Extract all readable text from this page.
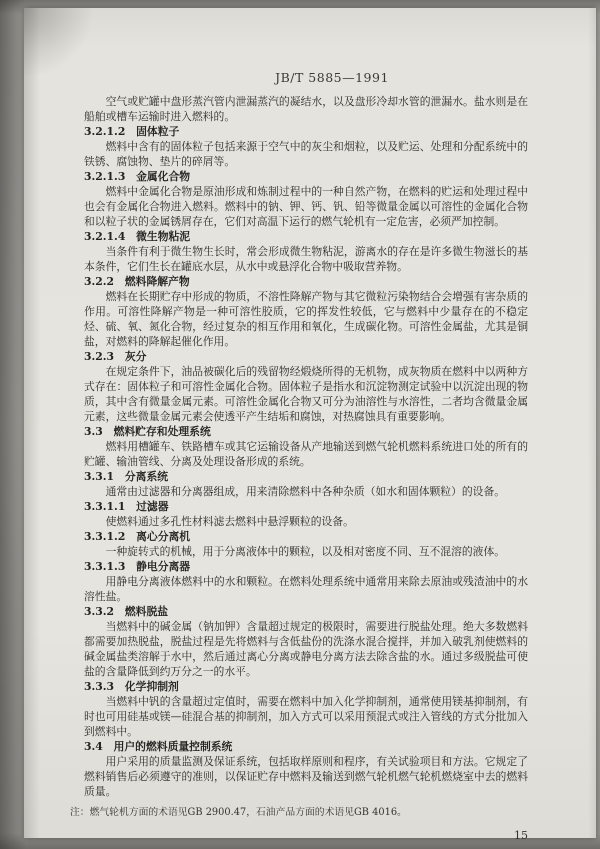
JB/T 5885—1991
空气或贮罐中盘形蒸汽管内泄漏蒸汽的凝结水，以及盘形冷却水管的泄漏水。盐水则是在船舶或槽车运输时进入燃料的。
3.2.1.2　固体粒子
燃料中含有的固体粒子包括来源于空气中的灰尘和烟粒，以及贮运、处理和分配系统中的铁锈、腐蚀物、垫片的碎屑等。
3.2.1.3　金属化合物
燃料中金属化合物是原油形成和炼制过程中的一种自然产物，在燃料的贮运和处理过程中也会有金属化合物进入燃料。燃料中的钠、钾、钙、钒、铅等微量金属以可溶性的金属化合物和以粒子状的金属锈屑存在，它们对高温下运行的燃气轮机有一定危害，必须严加控制。
3.2.1.4　微生物粘泥
当条件有利于微生物生长时，常会形成微生物粘泥，游离水的存在是许多微生物滋长的基本条件，它们生长在罐底水层，从水中或悬浮化合物中吸取营养物。
3.2.2　燃料降解产物
燃料在长期贮存中形成的物质，不溶性降解产物与其它微粒污染物结合会增强有害杂质的作用。可溶性降解产物是一种可溶性胶质，它的挥发性较低，它与燃料中少量存在的不稳定烃、硫、氧、氮化合物，经过复杂的相互作用和氧化，生成碳化物。可溶性金属盐，尤其是铜盐，对燃料的降解起催化作用。
3.2.3　灰分
在规定条件下，油品被碳化后的残留物经煅烧所得的无机物，成灰物质在燃料中以两种方式存在：固体粒子和可溶性金属化合物。固体粒子是指水和沉淀物测定试验中以沉淀出现的物质，其中含有微量金属元素。可溶性金属化合物又可分为油溶性与水溶性，二者均含微量金属元素，这些微量金属元素会使透平产生结垢和腐蚀，对热腐蚀具有重要影响。
3.3　燃料贮存和处理系统
燃料用槽罐车、铁路槽车或其它运输设备从产地输送到燃气轮机燃料系统进口处的所有的贮罐、输油管线、分离及处理设备形成的系统。
3.3.1　分离系统
通常由过滤器和分离器组成，用来清除燃料中各种杂质（如水和固体颗粒）的设备。
3.3.1.1　过滤器
使燃料通过多孔性材料滤去燃料中悬浮颗粒的设备。
3.3.1.2　离心分离机
一种旋转式的机械，用于分离液体中的颗粒，以及相对密度不同、互不混溶的液体。
3.3.1.3　静电分离器
用静电分离液体燃料中的水和颗粒。在燃料处理系统中通常用来除去原油或残渣油中的水溶性盐。
3.3.2　燃料脱盐
当燃料中的碱金属（钠加钾）含量超过规定的极限时，需要进行脱盐处理。绝大多数燃料都需要加热脱盐，脱盐过程是先将燃料与含低盐份的洗涤水混合搅拌，并加入破乳剂使燃料的碱金属盐类溶解于水中，然后通过离心分离或静电分离方法去除含盐的水。通过多级脱盐可使盐的含量降低到约万分之一的水平。
3.3.3　化学抑制剂
当燃料中钒的含量超过定值时，需要在燃料中加入化学抑制剂，通常使用镁基抑制剂，有时也可用硅基或镁—硅混合基的抑制剂，加入方式可以采用预混式或注入管线的方式分批加入到燃料中。
3.4　用户的燃料质量控制系统
用户采用的质量监测及保证系统，包括取样原则和程序，有关试验项目和方法。它规定了燃料销售后必须遵守的准则，以保证贮存中燃料及输送到燃气轮机燃气轮机燃烧室中去的燃料质量。
注：燃气轮机方面的术语见GB 2900.47，石油产品方面的术语见GB 4016。
15
